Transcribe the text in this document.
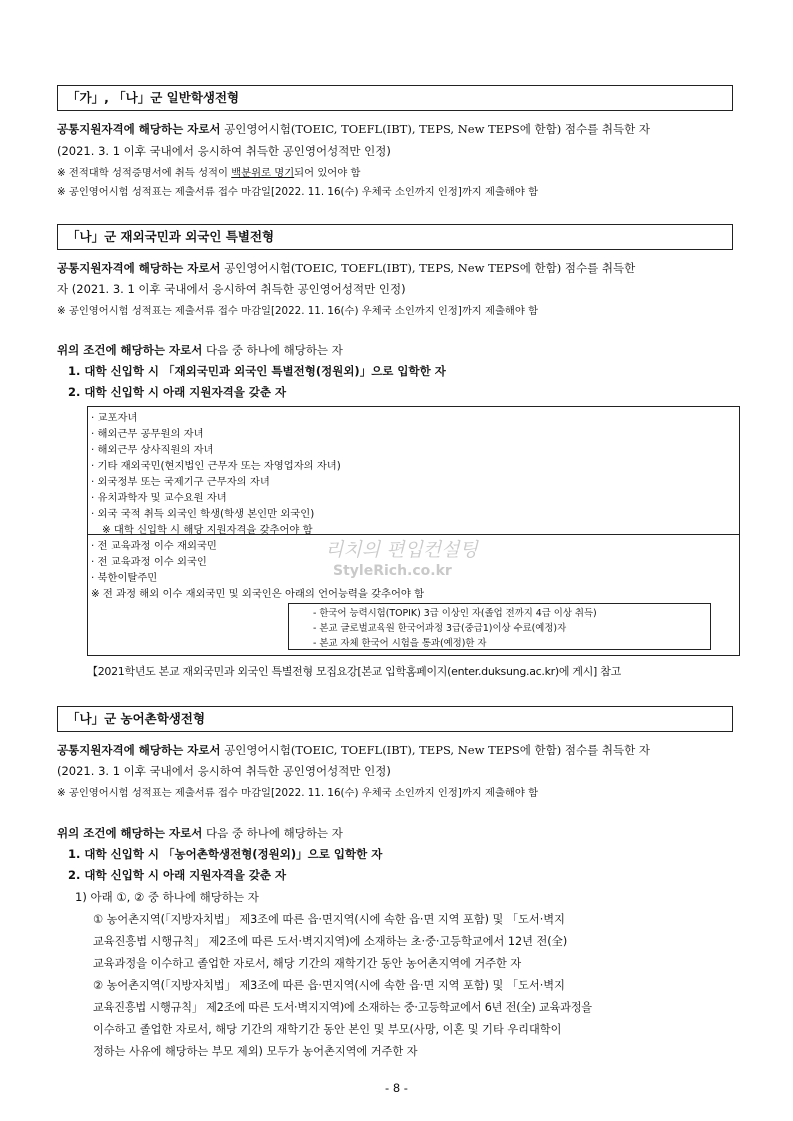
「가」, 「나」군 일반학생전형
공통지원자격에 해당하는 자로서 공인영어시험(TOEIC, TOEFL(IBT), TEPS, New TEPS에 한함) 점수를 취득한 자
(2021. 3. 1 이후 국내에서 응시하여 취득한 공인영어성적만 인정)
※ 전적대학 성적증명서에 취득 성적이 백분위로 명기되어 있어야 함
※ 공인영어시험 성적표는 제출서류 접수 마감일[2022. 11. 16(수) 우체국 소인까지 인정]까지 제출해야 함
「나」군 재외국민과 외국인 특별전형
공통지원자격에 해당하는 자로서 공인영어시험(TOEIC, TOEFL(IBT), TEPS, New TEPS에 한함) 점수를 취득한
자 (2021. 3. 1 이후 국내에서 응시하여 취득한 공인영어성적만 인정)
※ 공인영어시험 성적표는 제출서류 접수 마감일[2022. 11. 16(수) 우체국 소인까지 인정]까지 제출해야 함
위의 조건에 해당하는 자로서 다음 중 하나에 해당하는 자
1. 대학 신입학 시 「재외국민과 외국인 특별전형(정원외)」으로 입학한 자
2. 대학 신입학 시 아래 지원자격을 갖춘 자
· 교포자녀
· 해외근무 공무원의 자녀
· 해외근무 상사직원의 자녀
· 기타 재외국민(현지법인 근무자 또는 자영업자의 자녀)
· 외국정부 또는 국제기구 근무자의 자녀
· 유치과학자 및 교수요원 자녀
· 외국 국적 취득 외국인 학생(학생 본인만 외국인)
※ 대학 신입학 시 해당 지원자격을 갖추어야 함
· 전 교육과정 이수 재외국민
· 전 교육과정 이수 외국인
· 북한이탈주민
※ 전 과정 해외 이수 재외국민 및 외국인은 아래의 언어능력을 갖추어야 함
- 한국어 능력시험(TOPIK) 3급 이상인 자(졸업 전까지 4급 이상 취득)
- 본교 글로벌교육원 한국어과정 3급(중급1)이상 수료(예정)자
- 본교 자체 한국어 시험을 통과(예정)한 자
리치의 편입컨설팅
StyleRich.co.kr
【2021학년도 본교 재외국민과 외국인 특별전형 모집요강[본교 입학홈페이지(enter.duksung.ac.kr)에 게시] 참고
「나」군 농어촌학생전형
공통지원자격에 해당하는 자로서 공인영어시험(TOEIC, TOEFL(IBT), TEPS, New TEPS에 한함) 점수를 취득한 자
(2021. 3. 1 이후 국내에서 응시하여 취득한 공인영어성적만 인정)
※ 공인영어시험 성적표는 제출서류 접수 마감일[2022. 11. 16(수) 우체국 소인까지 인정]까지 제출해야 함
위의 조건에 해당하는 자로서 다음 중 하나에 해당하는 자
1. 대학 신입학 시 「농어촌학생전형(정원외)」으로 입학한 자
2. 대학 신입학 시 아래 지원자격을 갖춘 자
1) 아래 ①, ② 중 하나에 해당하는 자
① 농어촌지역(「지방자치법」 제3조에 따른 읍·면지역(시에 속한 읍·면 지역 포함) 및 「도서·벽지
교육진흥법 시행규칙」 제2조에 따른 도서·벽지지역)에 소재하는 초·중·고등학교에서 12년 전(全)
교육과정을 이수하고 졸업한 자로서, 해당 기간의 재학기간 동안 농어촌지역에 거주한 자
② 농어촌지역(「지방자치법」 제3조에 따른 읍·면지역(시에 속한 읍·면 지역 포함) 및 「도서·벽지
교육진흥법 시행규칙」 제2조에 따른 도서·벽지지역)에 소재하는 중·고등학교에서 6년 전(全) 교육과정을
이수하고 졸업한 자로서, 해당 기간의 재학기간 동안 본인 및 부모(사망, 이혼 및 기타 우리대학이
정하는 사유에 해당하는 부모 제외) 모두가 농어촌지역에 거주한 자
- 8 -
